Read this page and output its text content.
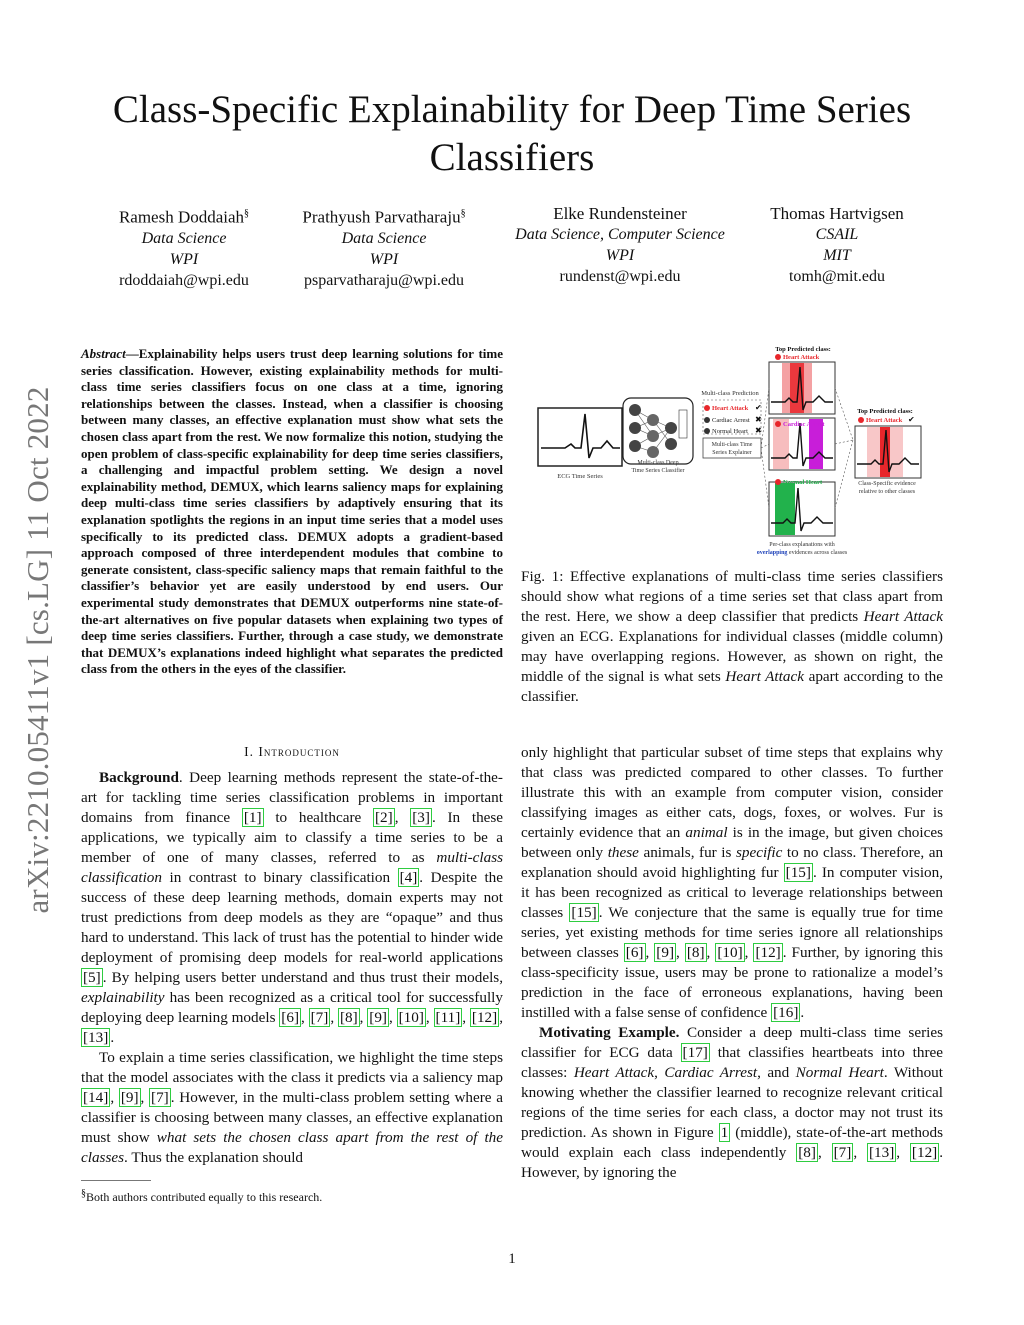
arXiv:2210.05411v1 [cs.LG] 11 Oct 2022
Class-Specific Explainability for Deep Time Series Classifiers
Ramesh Doddaiah§
Data Science
WPI
rdoddaiah@wpi.edu
Prathyush Parvatharaju§
Data Science
WPI
psparvatharaju@wpi.edu
Elke Rundensteiner
Data Science, Computer Science
WPI
rundenst@wpi.edu
Thomas Hartvigsen
CSAIL
MIT
tomh@mit.edu
Abstract—Explainability helps users trust deep learning solutions for time series classification. However, existing explainability methods for multi-class time series classifiers focus on one class at a time, ignoring relationships between the classes. Instead, when a classifier is choosing between many classes, an effective explanation must show what sets the chosen class apart from the rest. We now formalize this notion, studying the open problem of class-specific explainability for deep time series classifiers, a challenging and impactful problem setting. We design a novel explainability method, DEMUX, which learns saliency maps for explaining deep multi-class time series classifiers by adaptively ensuring that its explanation spotlights the regions in an input time series that a model uses specifically to its predicted class. DEMUX adopts a gradient-based approach composed of three interdependent modules that combine to generate consistent, class-specific saliency maps that remain faithful to the classifier’s behavior yet are easily understood by end users. Our experimental study demonstrates that DEMUX outperforms nine state-of-the-art alternatives on five popular datasets when explaining two types of deep time series classifiers. Further, through a case study, we demonstrate that DEMUX’s explanations indeed highlight what separates the predicted class from the others in the eyes of the classifier.
ECG Time Series
Multi-class Deep
Time Series Classifier
Multi-class Prediction
Heart Attack ✔
Cardiac Arrest ✖
Normal Heart ✖
Multi-class Time
Series Explainer
Top Predicted class:
Heart Attack
Cardiac Arrest
Normal Heart
Per-class explanations with
overlapping evidences across classes
Top Predicted class:
Heart Attack ✔
Class-Specific evidence
relative to other classes
Fig. 1: Effective explanations of multi-class time series classifiers should show what regions of a time series set that class apart from the rest. Here, we show a deep classifier that predicts Heart Attack given an ECG. Explanations for individual classes (middle column) may have overlapping regions. However, as shown on right, the middle of the signal is what sets Heart Attack apart according to the classifier.
I. Introduction

Background. Deep learning methods represent the state-of-the-art for tackling time series classification problems in important domains from finance [1] to healthcare [2] , [3] . In these applications, we typically aim to classify a time series to be a member of one of many classes, referred to as multi-class classification in contrast to binary classification [4] . Despite the success of these deep learning methods, domain experts may not trust predictions from deep models as they are “opaque” and thus hard to understand. This lack of trust has the potential to hinder wide deployment of promising deep models for real-world applications [5] . By helping users better understand and thus trust their models, explainability has been recognized as a critical tool for successfully deploying deep learning models [6] , [7] , [8] , [9] , [10] , [11] , [12] , [13] .

To explain a time series classification, we highlight the time steps that the model associates with the class it predicts via a saliency map [14] , [9] , [7] . However, in the multi-class problem setting where a classifier is choosing between many classes, an effective explanation must show what sets the chosen class apart from the rest of the classes. Thus the explanation should

only highlight that particular subset of time steps that explains why that class was predicted compared to other classes. To further illustrate this with an example from computer vision, consider classifying images as either cats, dogs, foxes, or wolves. Fur is certainly evidence that an animal is in the image, but given choices between only these animals, fur is specific to no class. Therefore, an explanation should avoid highlighting fur [15] . In computer vision, it has been recognized as critical to leverage relationships between classes [15] . We conjecture that the same is equally true for time series, yet existing methods for time series ignore all relationships between classes [6] , [9] , [8] , [10] , [12] . Further, by ignoring this class-specificity issue, users may be prone to rationalize a model’s prediction in the face of erroneous explanations, having been instilled with a false sense of confidence [16] .

Motivating Example. Consider a deep multi-class time series classifier for ECG data [17] that classifies heartbeats into three classes: Heart Attack, Cardiac Arrest, and Normal Heart. Without knowing whether the classifier learned to recognize relevant critical regions of the time series for each class, a doctor may not trust its prediction. As shown in Figure 1 (middle), state-of-the-art methods would explain each class independently [8] , [7] , [13] , [12] . However, by ignoring the

§Both authors contributed equally to this research.
1
